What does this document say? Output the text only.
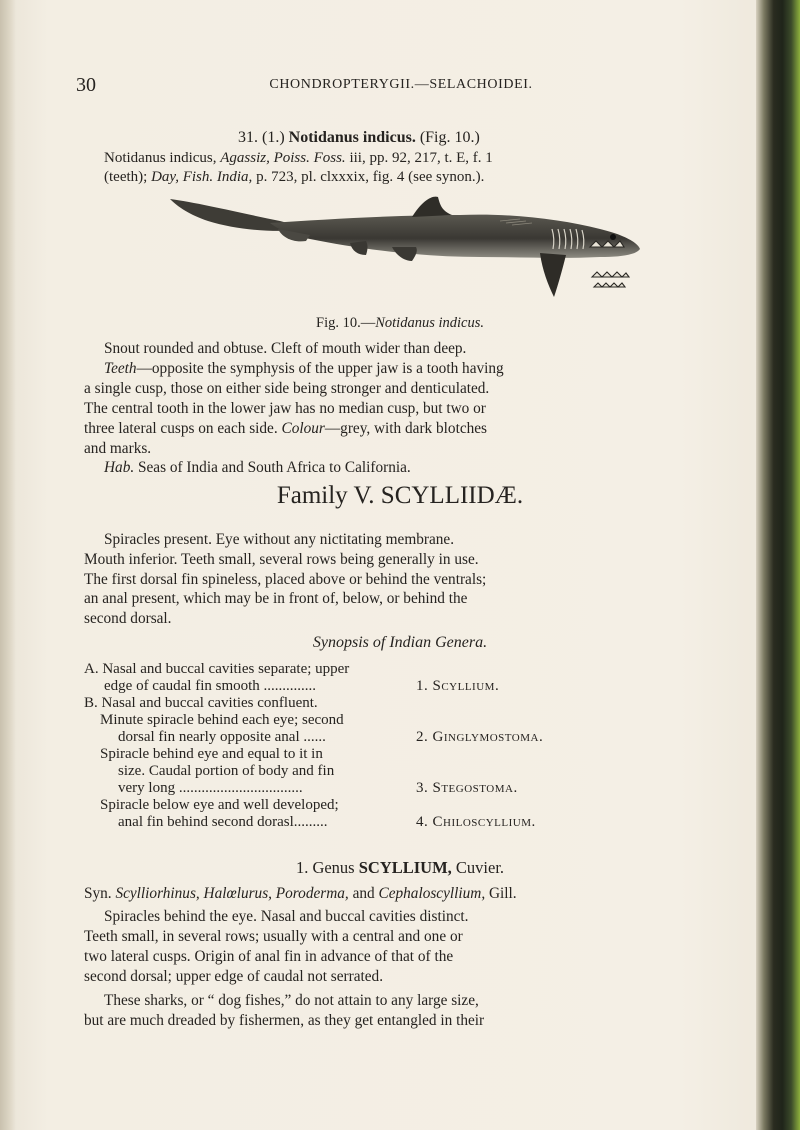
30	CHONDROPTERYGII.—SELACHOIDEI.
31. (1.) Notidanus indicus. (Fig. 10.)
Notidanus indicus, Agassiz, Poiss. Foss. iii, pp. 92, 217, t. E, f. 1
(teeth); Day, Fish. India, p. 723, pl. clxxxix, fig. 4 (see synon.).
Fig. 10.—Notidanus indicus.
Snout rounded and obtuse. Cleft of mouth wider than deep.
Teeth—opposite the symphysis of the upper jaw is a tooth having
a single cusp, those on either side being stronger and denticulated.
The central tooth in the lower jaw has no median cusp, but two or
three lateral cusps on each side. Colour—grey, with dark blotches
and marks.
Hab. Seas of India and South Africa to California.
Family V. SCYLLIIDÆ.
Spiracles present. Eye without any nictitating membrane.
Mouth inferior. Teeth small, several rows being generally in use.
The first dorsal fin spineless, placed above or behind the ventrals;
an anal present, which may be in front of, below, or behind the
second dorsal.
Synopsis of Indian Genera.
A. Nasal and buccal cavities separate; upper
edge of caudal fin smooth ..............	1. Scyllium.
B. Nasal and buccal cavities confluent.
Minute spiracle behind each eye; second
dorsal fin nearly opposite anal ......	2. Ginglymostoma.
Spiracle behind eye and equal to it in
size. Caudal portion of body and fin
very long .................................	3. Stegostoma.
Spiracle below eye and well developed;
anal fin behind second dorasl.........	4. Chiloscyllium.
1. Genus SCYLLIUM, Cuvier.
Syn. Scylliorhinus, Halœlurus, Poroderma, and Cephaloscyllium, Gill.
Spiracles behind the eye. Nasal and buccal cavities distinct.
Teeth small, in several rows; usually with a central and one or
two lateral cusps. Origin of anal fin in advance of that of the
second dorsal; upper edge of caudal not serrated.
These sharks, or “ dog fishes,” do not attain to any large size,
but are much dreaded by fishermen, as they get entangled in their
